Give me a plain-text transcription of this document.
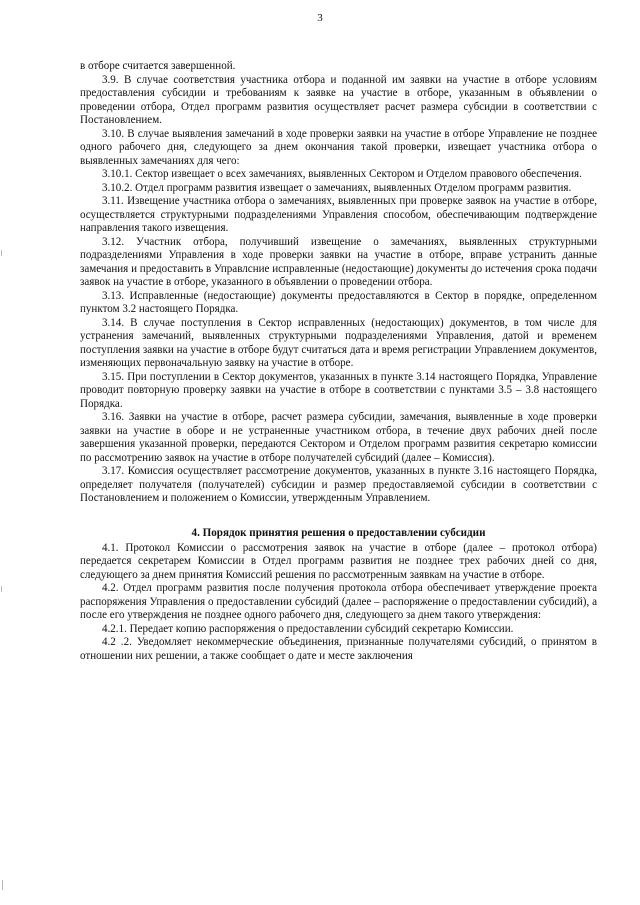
3

в отборе считается завершенной.

3.9. В случае соответствия участника отбора и поданной им заявки на участие в отборе условиям предоставления субсидии и требованиям к заявке на участие в отборе, указанным в объявлении о проведении отбора, Отдел программ развития осуществляет расчет размера субсидии в соответствии с Постановлением.

3.10. В случае выявления замечаний в ходе проверки заявки на участие в отборе Управление не позднее одного рабочего дня, следующего за днем окончания такой проверки, извещает участника отбора о выявленных замечаниях для чего:

3.10.1. Сектор извещает о всех замечаниях, выявленных Сектором и Отделом правового обеспечения.

3.10.2. Отдел программ развития извещает о замечаниях, выявленных Отделом программ развития.

3.11. Извещение участника отбора о замечаниях, выявленных при проверке заявок на участие в отборе, осуществляется структурными подразделениями Управления способом, обеспечивающим подтверждение направления такого извещения.

3.12. Участник отбора, получивший извещение о замечаниях, выявленных структурными подразделениями Управления в ходе проверки заявки на участие в отборе, вправе устранить данные замечания и предоставить в Управлсние исправленные (недостающие) документы до истечения срока подачи заявок на участие в отборе, указанного в объявлении о проведении отбора.

3.13. Исправленные (недостающие) документы предоставляются в Сектор в порядке, определенном пунктом 3.2 настоящего Порядка.

3.14. В случае поступления в Сектор исправленных (недостающих) документов, в том числе для устранения замечаний, выявленных структурными подразделениями Управления, датой и временем поступления заявки на участие в отборе будут считаться дата и время регистрации Управлением документов, изменяющих первоначальную заявку на участие в отборе.

3.15. При поступлении в Сектор документов, указанных в пункте 3.14 настоящего Порядка, Управление проводит повторную проверку заявки на участие в отборе в соответствии с пунктами 3.5 – 3.8 настоящего Порядка.

3.16. Заявки на участие в отборе, расчет размера субсидии, замечания, выявленные в ходе проверки заявки на участие в оборе и не устраненные участником отбора, в течение двух рабочих дней после завершения указанной проверки, передаются Сектором и Отделом программ развития секретарю комиссии по рассмотрению заявок на участие в отборе получателей субсидий (далее – Комиссия).

3.17. Комиссия осуществляет рассмотрение документов, указанных в пункте 3.16 настоящего Порядка, определяет получателя (получателей) субсидии и размер предоставляемой субсидии в соответствии с Постановлением и положением о Комиссии, утвержденным Управлением.

4. Порядок принятия решения о предоставлении субсидии

4.1. Протокол Комиссии о рассмотрения заявок на участие в отборе (далее – протокол отбора) передается секретарем Комиссии в Отдел программ развития не позднее трех рабочих дней со дня, следующего за днем принятия Комиссий решения по рассмотренным заявкам на участие в отборе.

4.2. Отдел программ развития после получения протокола отбора обеспечивает утверждение проекта распоряжения Управления о предоставлении субсидий (далее – распоряжение о предоставлении субсидий), а после его утверждения не позднее одного рабочего дня, следующего за днем такого утверждения:

4.2.1. Передает копию распоряжения о предоставлении субсидий секретарю Комиссии.

4.2 .2. Уведомляет некоммерческие объединения, признанные получателями субсидий, о принятом в отношении них решении, а также сообщает о дате и месте заключения
